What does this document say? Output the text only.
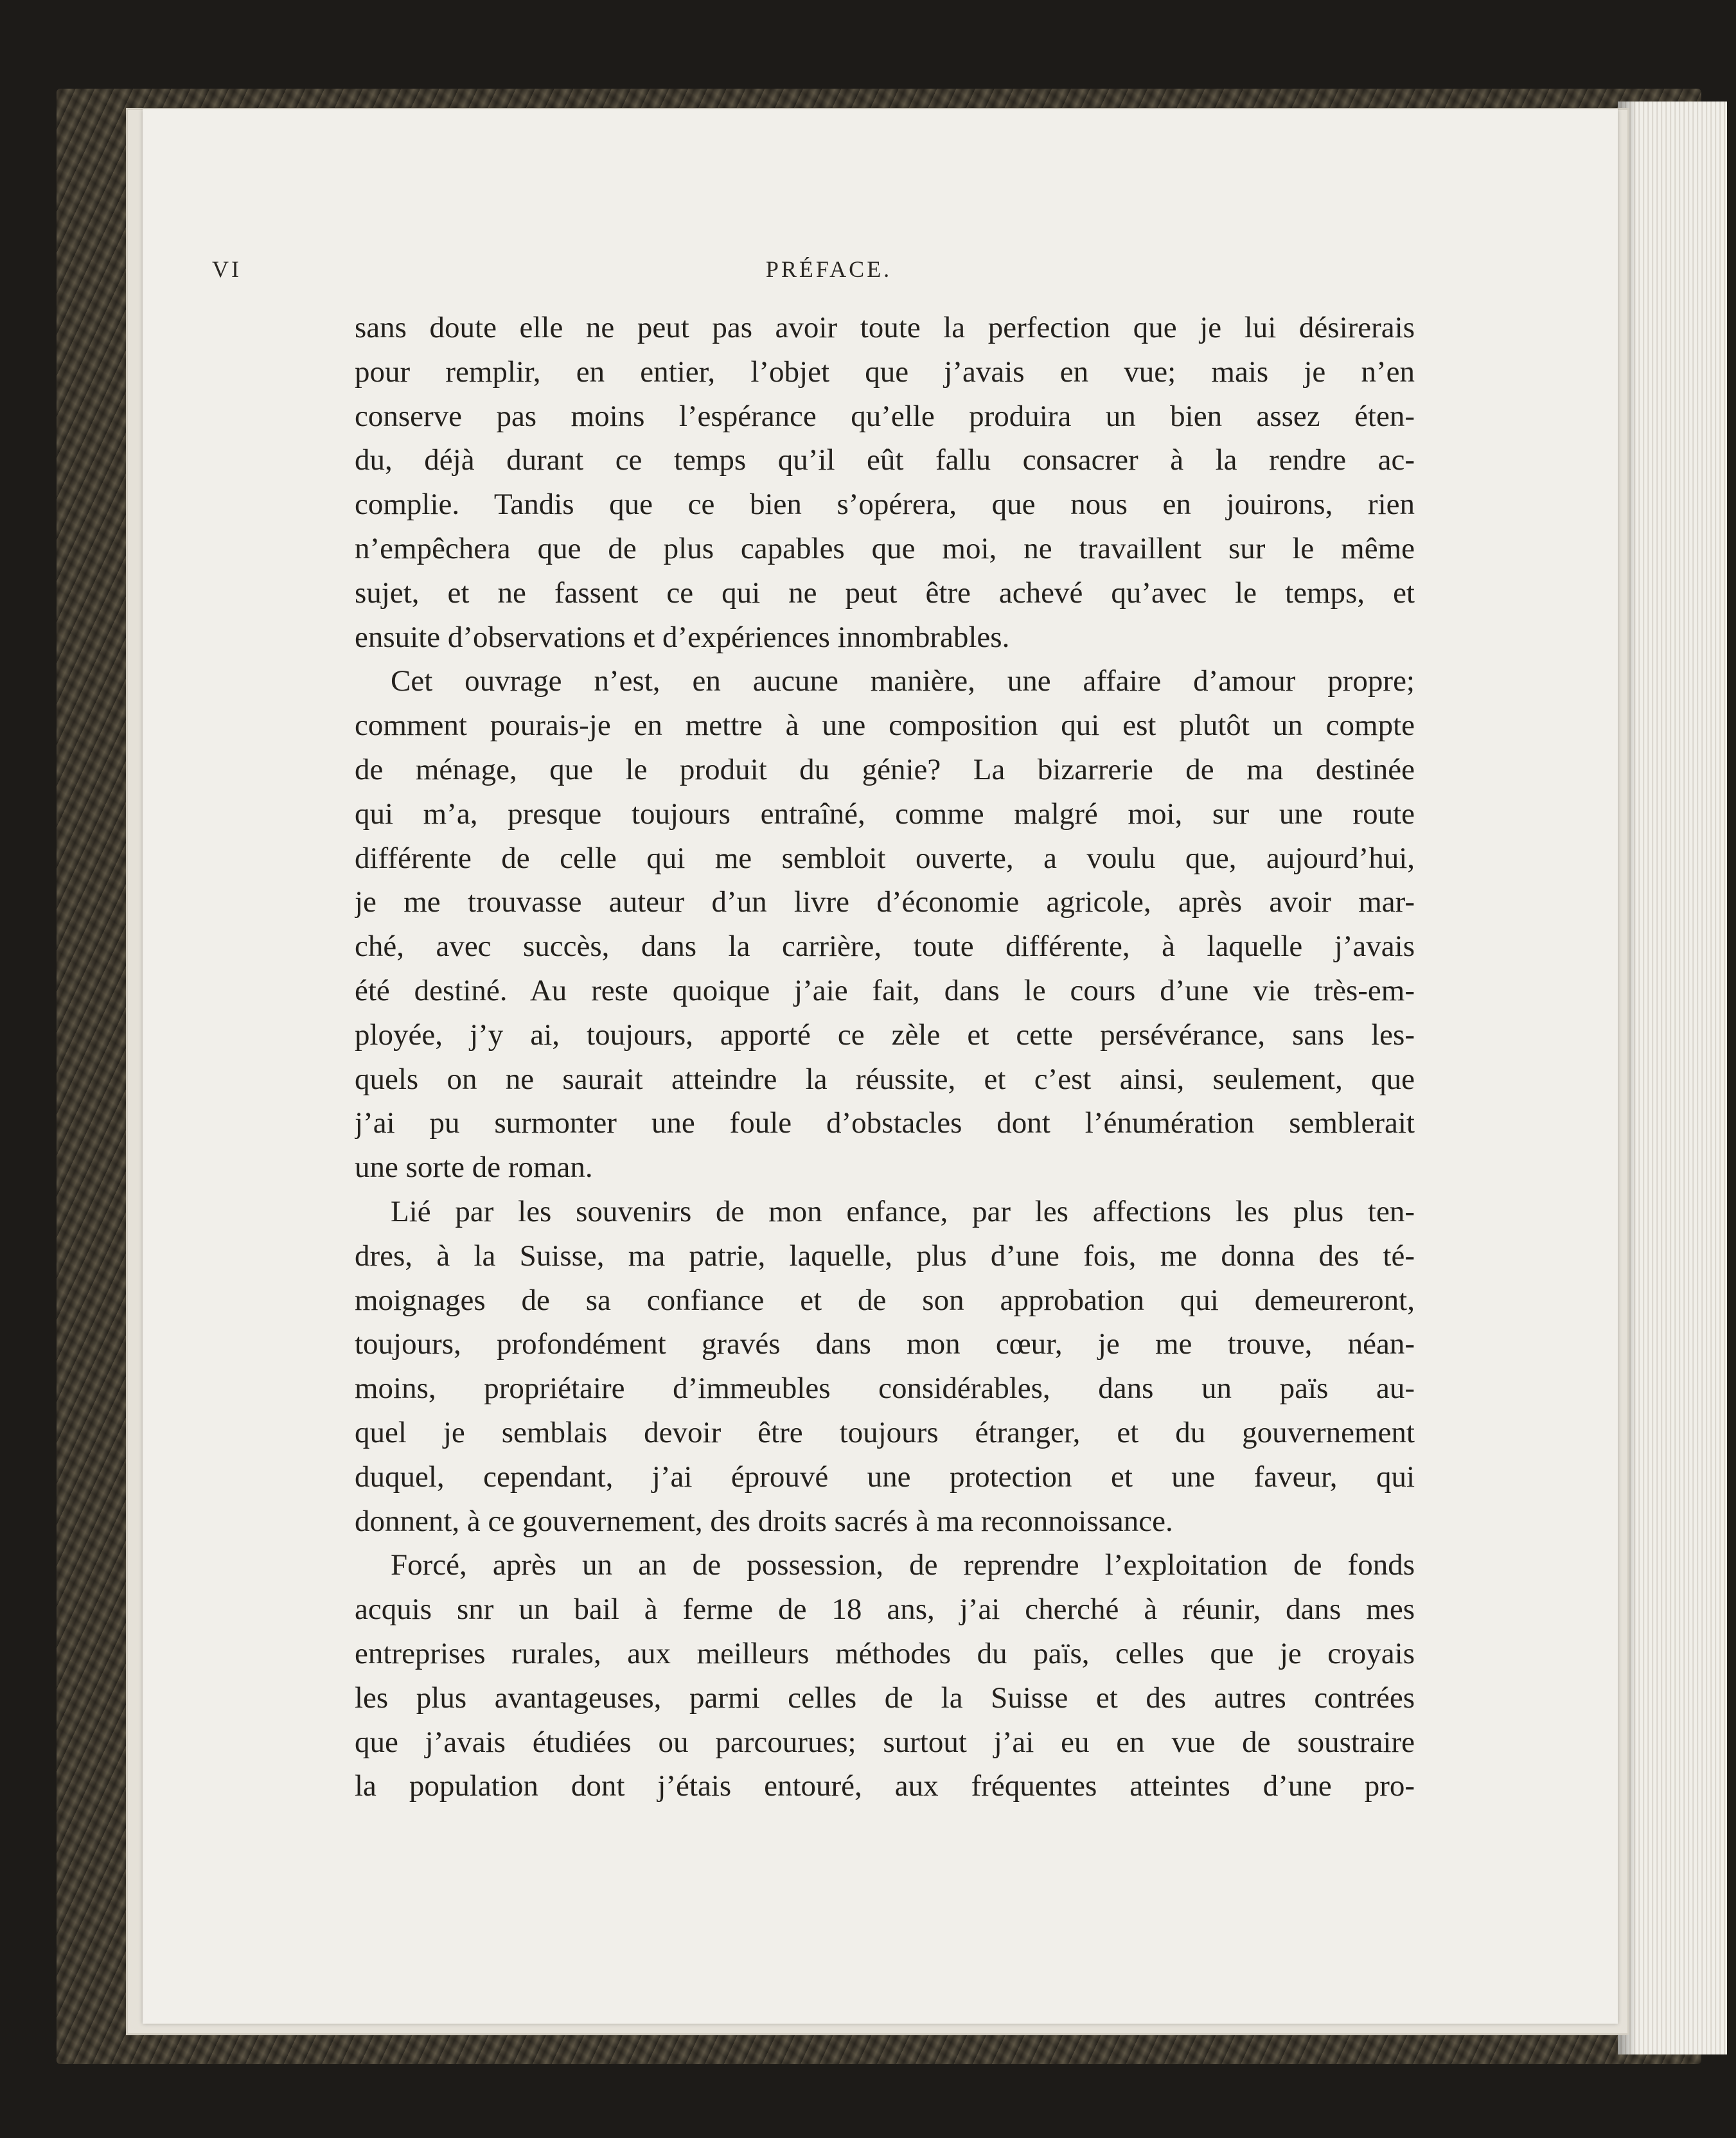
VI	PRÉFACE.
sans doute elle ne peut pas avoir toute la perfection que je lui désirerais
pour remplir, en entier, l’objet que j’avais en vue; mais je n’en
conserve pas moins l’espérance qu’elle produira un bien assez éten-
du, déjà durant ce temps qu’il eût fallu consacrer à la rendre ac-
complie. Tandis que ce bien s’opérera, que nous en jouirons, rien
n’empêchera que de plus capables que moi, ne travaillent sur le même
sujet, et ne fassent ce qui ne peut être achevé qu’avec le temps, et
ensuite d’observations et d’expériences innombrables.
Cet ouvrage n’est, en aucune manière, une affaire d’amour propre;
comment pourais-je en mettre à une composition qui est plutôt un compte
de ménage, que le produit du génie? La bizarrerie de ma destinée
qui m’a, presque toujours entraîné, comme malgré moi, sur une route
différente de celle qui me sembloit ouverte, a voulu que, aujourd’hui,
je me trouvasse auteur d’un livre d’économie agricole, après avoir mar-
ché, avec succès, dans la carrière, toute différente, à laquelle j’avais
été destiné. Au reste quoique j’aie fait, dans le cours d’une vie très-em-
ployée, j’y ai, toujours, apporté ce zèle et cette persévérance, sans les-
quels on ne saurait atteindre la réussite, et c’est ainsi, seulement, que
j’ai pu surmonter une foule d’obstacles dont l’énumération semblerait
une sorte de roman.
Lié par les souvenirs de mon enfance, par les affections les plus ten-
dres, à la Suisse, ma patrie, laquelle, plus d’une fois, me donna des té-
moignages de sa confiance et de son approbation qui demeureront,
toujours, profondément gravés dans mon cœur, je me trouve, néan-
moins, propriétaire d’immeubles considérables, dans un païs au-
quel je semblais devoir être toujours étranger, et du gouvernement
duquel, cependant, j’ai éprouvé une protection et une faveur, qui
donnent, à ce gouvernement, des droits sacrés à ma reconnoissance.
Forcé, après un an de possession, de reprendre l’exploitation de fonds
acquis snr un bail à ferme de 18 ans, j’ai cherché à réunir, dans mes
entreprises rurales, aux meilleurs méthodes du païs, celles que je croyais
les plus avantageuses, parmi celles de la Suisse et des autres contrées
que j’avais étudiées ou parcourues; surtout j’ai eu en vue de soustraire
la population dont j’étais entouré, aux fréquentes atteintes d’une pro-
